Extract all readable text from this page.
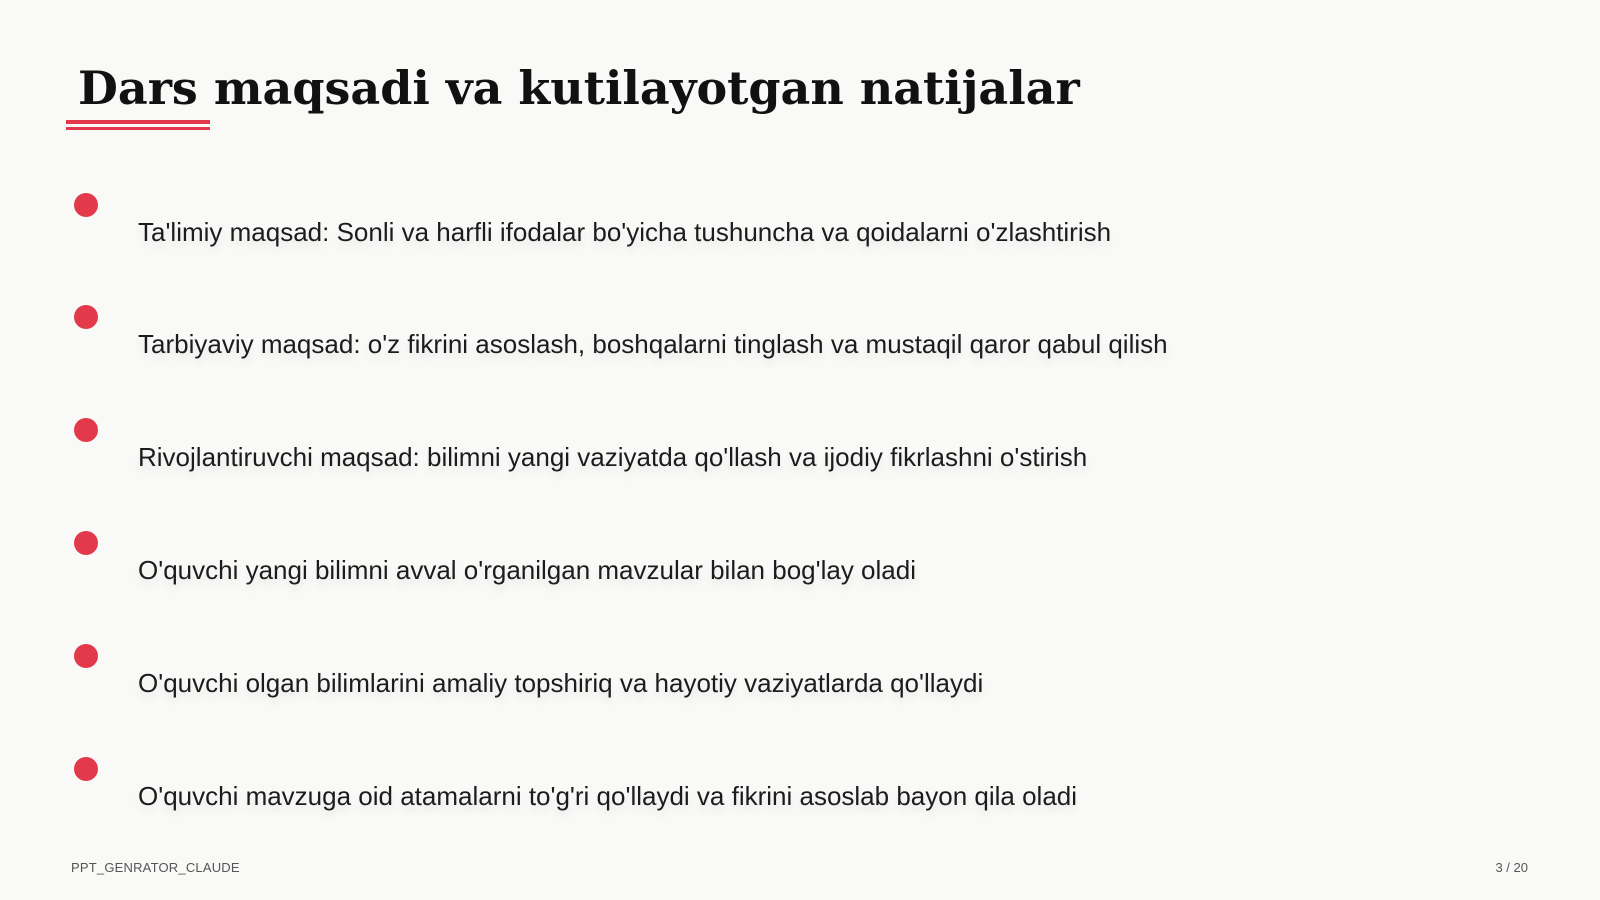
Dars maqsadi va kutilayotgan natijalar
Ta'limiy maqsad: Sonli va harfli ifodalar bo'yicha tushuncha va qoidalarni o'zlashtirish
Tarbiyaviy maqsad: o'z fikrini asoslash, boshqalarni tinglash va mustaqil qaror qabul qilish
Rivojlantiruvchi maqsad: bilimni yangi vaziyatda qo'llash va ijodiy fikrlashni o'stirish
O'quvchi yangi bilimni avval o'rganilgan mavzular bilan bog'lay oladi
O'quvchi olgan bilimlarini amaliy topshiriq va hayotiy vaziyatlarda qo'llaydi
O'quvchi mavzuga oid atamalarni to'g'ri qo'llaydi va fikrini asoslab bayon qila oladi
PPT_GENRATOR_CLAUDE	3 / 20
